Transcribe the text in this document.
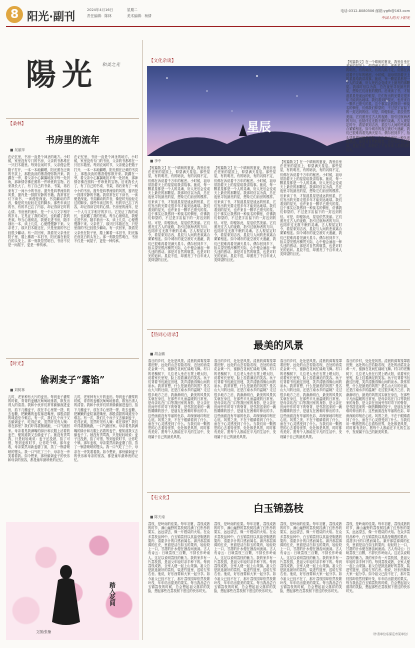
8 阳光·副刊	2024年4月16日
责任编辑：陈林
星期二
美术编辑：杨倩
电话:0312-8080506 邮箱:ygfk@163.com
中国人的天下阳光
陽光 和美之光
【桑林】
书房里的流年
■ 吴丽萍
在记忆里，书房一直是个神圣的地方。小时候，家里没有专门的书房，父亲的书都堆在一只旧木箱里。每到农闲时节，父亲便会把箱子打开，一本一本地翻晒，阳光照在泛黄的书页上，那股淡淡的墨香便弥散开来。我蹲在一旁，看父亲小心翼翼地抚平每一处折角，那神情仿佛在照料一件珍贵的宝物。后来我长大了，有了自己的书桌、书架，再后来有了一间小小的书房。窗外是四季流转的风景，窗内是一排排安静的书籍。我常常在灯下读书，一读便是深夜。书页翻动的声音，像是时光轻轻走过的脚步。那些年读过的书，有的早已忘了内容，却记得读它时的心情。书房里的流年，是一个人与文字相守的岁月。它见证了我的成长，也收藏了我的悲欢。每当心绪烦乱，我便走进书房，随手抽出一本，读上几页，心便慢慢静下来。父亲老了，那只旧木箱还在，只是里面的书已经很少翻动。有一次回家，我看见父亲坐在院子里，膝上摊着一本旧书，阳光落在他花白的头发上。那一刻我忽然明白，书房不仅是一间屋子，更是一种传承。
在记忆里，书房一直是个神圣的地方。小时候，家里没有专门的书房，父亲的书都堆在一只旧木箱里。每到农闲时节，父亲便会把箱子打开，一本一本地翻晒，阳光照在泛黄的书页上，那股淡淡的墨香便弥散开来。我蹲在一旁，看父亲小心翼翼地抚平每一处折角，那神情仿佛在照料一件珍贵的宝物。后来我长大了，有了自己的书桌、书架，再后来有了一间小小的书房。窗外是四季流转的风景，窗内是一排排安静的书籍。我常常在灯下读书，一读便是深夜。书页翻动的声音，像是时光轻轻走过的脚步。那些年读过的书，有的早已忘了内容，却记得读它时的心情。书房里的流年，是一个人与文字相守的岁月。它见证了我的成长，也收藏了我的悲欢。每当心绪烦乱，我便走进书房，随手抽出一本，读上几页，心便慢慢静下来。父亲老了，那只旧木箱还在，只是里面的书已经很少翻动。有一次回家，我看见父亲坐在院子里，膝上摊着一本旧书，阳光落在他花白的头发上。那一刻我忽然明白，书房不仅是一间屋子，更是一种传承。
【时光】
偷剥麦子“露馅”
■ 刘树林
儿时，老家种有大片的麦田。每到麦子灌浆的时候，青青的麦穗沉甸甸地垂着，散发出诱人的清香。我和小伙伴们常常偷偷溜进麦田，掐下几穗麦子，放在手心里搓一搓，吹去麦糠，把嫩嫩的麦粒塞进嘴里，那股清甜的味道至今难忘。有一次，我们几个孩子又去偷剥麦子，吃得正欢，忽然听见有人喊：谁在那里？我们吓得拔腿就跑，一口气跑回家。母亲看见我满嘴的绿汁和衣服上沾着的麦芒，便知道我又去偷麦子了。她没有责骂我，只是轻轻地说：麦子还没熟，掐了可惜，等到麦收时节，让你吃个够。那年麦收，母亲果然用新麦磨了面，蒸了一锅香喷喷的馒头。我一口气吃了三个，母亲在一旁笑着看我。如今想来，那份偷剥麦子的快乐和母亲的宽容，都是童年最珍贵的记忆。
儿时，老家种有大片的麦田。每到麦子灌浆的时候，青青的麦穗沉甸甸地垂着，散发出诱人的清香。我和小伙伴们常常偷偷溜进麦田，掐下几穗麦子，放在手心里搓一搓，吹去麦糠，把嫩嫩的麦粒塞进嘴里，那股清甜的味道至今难忘。有一次，我们几个孩子又去偷剥麦子，吃得正欢，忽然听见有人喊：谁在那里？我们吓得拔腿就跑，一口气跑回家。母亲看见我满嘴的绿汁和衣服上沾着的麦芒，便知道我又去偷麦子了。她没有责骂我，只是轻轻地说：麦子还没熟，掐了可惜，等到麦收时节，让你吃个够。那年麦收，母亲果然用新麦磨了面，蒸了一锅香喷喷的馒头。我一口气吃了三个，母亲在一旁笑着看我。如今想来，那份偷剥麦子的快乐和母亲的宽容，都是童年最珍贵的记忆。
踏入花间
文图/张楠
【文化杂谈】
星辰
■ 李中
【短篇散文】在一个晴朗的夏夜，我独自坐在老家的屋顶上，仰望满天星辰。那些星星，有的明亮，有的暗淡，有的闪烁不定，仿佛在诉说着千万年的秘密。小时候，祖母常指着天上的星星给我讲故事。她说，每一颗星星都是一个人的灵魂，好人死后会变成天上最亮的那颗星。我那时信以为真，总在夜里寻找最亮的星，想象它们前世的模样。后来读了书，才知道星星是遥远的恒星，它们发出的光要走很多年才能到达地球。我们看到的星光，也许来自一颗早已熄灭的星。这个事实让我感到一种莫名的惆怅，仿佛我们仰望的，不过是宇宙留下的一封迟到的信。可是，即便如此，星辰依然美丽。它们照亮过古人的夜路，指引过航海者的方向，也陪伴过无数不眠的灵魂。古人观星定时令，看星象知吉凶，星辰与人间的悲欢离合紧紧相连。如今城市的夜空被灯火遮蔽，我们已很难再看见满天星斗。偶尔回到乡下，抬头望见银河横贯天际，心中便会涌起一种久违的感动。那是对自然的敬畏，也是对时光的追问。星辰不语，却照亮了千百年来人类仰望的目光。
【短篇散文】在一个晴朗的夏夜，我独自坐在老家的屋顶上，仰望满天星辰。那些星星，有的明亮，有的暗淡，有的闪烁不定，仿佛在诉说着千万年的秘密。小时候，祖母常指着天上的星星给我讲故事。她说，每一颗星星都是一个人的灵魂，好人死后会变成天上最亮的那颗星。我那时信以为真，总在夜里寻找最亮的星，想象它们前世的模样。后来读了书，才知道星星是遥远的恒星，它们发出的光要走很多年才能到达地球。我们看到的星光，也许来自一颗早已熄灭的星。这个事实让我感到一种莫名的惆怅，仿佛我们仰望的，不过是宇宙留下的一封迟到的信。可是，即便如此，星辰依然美丽。它们照亮过古人的夜路，指引过航海者的方向，也陪伴过无数不眠的灵魂。古人观星定时令，看星象知吉凶，星辰与人间的悲欢离合紧紧相连。如今城市的夜空被灯火遮蔽，我们已很难再看见满天星斗。偶尔回到乡下，抬头望见银河横贯天际，心中便会涌起一种久违的感动。那是对自然的敬畏，也是对时光的追问。星辰不语，却照亮了千百年来人类仰望的目光。
【短篇散文】在一个晴朗的夏夜，我独自坐在老家的屋顶上，仰望满天星辰。那些星星，有的明亮，有的暗淡，有的闪烁不定，仿佛在诉说着千万年的秘密。小时候，祖母常指着天上的星星给我讲故事。她说，每一颗星星都是一个人的灵魂，好人死后会变成天上最亮的那颗星。我那时信以为真，总在夜里寻找最亮的星，想象它们前世的模样。后来读了书，才知道星星是遥远的恒星，它们发出的光要走很多年才能到达地球。我们看到的星光，也许来自一颗早已熄灭的星。这个事实让我感到一种莫名的惆怅，仿佛我们仰望的，不过是宇宙留下的一封迟到的信。可是，即便如此，星辰依然美丽。它们照亮过古人的夜路，指引过航海者的方向，也陪伴过无数不眠的灵魂。古人观星定时令，看星象知吉凶，星辰与人间的悲欢离合紧紧相连。如今城市的夜空被灯火遮蔽，我们已很难再看见满天星斗。偶尔回到乡下，抬头望见银河横贯天际，心中便会涌起一种久违的感动。那是对自然的敬畏，也是对时光的追问。星辰不语，却照亮了千百年来人类仰望的目光。
【短篇散文】在一个晴朗的夏夜，我独自坐在老家的屋顶上，仰望满天星辰。那些星星，有的明亮，有的暗淡，有的闪烁不定，仿佛在诉说着千万年的秘密。小时候，祖母常指着天上的星星给我讲故事。她说，每一颗星星都是一个人的灵魂，好人死后会变成天上最亮的那颗星。我那时信以为真，总在夜里寻找最亮的星，想象它们前世的模样。后来读了书，才知道星星是遥远的恒星，它们发出的光要走很多年才能到达地球。我们看到的星光，也许来自一颗早已熄灭的星。这个事实让我感到一种莫名的惆怅，仿佛我们仰望的，不过是宇宙留下的一封迟到的信。可是，即便如此，星辰依然美丽。它们照亮过古人的夜路，指引过航海者的方向，也陪伴过无数不眠的灵魂。古人观星定时令，看星象知吉凶，星辰与人间的悲欢离合紧紧相连。如今城市的夜空被灯火遮蔽，我们已很难再看见满天星斗。偶尔回到乡下，抬头望见银河横贯天际，心中便会涌起一种久违的感动。那是对自然的敬畏，也是对时光的追问。星辰不语，却照亮了千百年来人类仰望的目光。
【热词心语录】
最美的风景
■ 胡金鹏
春日的乡村，处处是风景。清晨的薄雾笼罩着田野，远处的山峦若隐若现，近处的油菜花金黄一片，蜜蜂在花间忙碌地飞舞。村口的老槐树下，几位老人坐在石凳上晒太阳，说着家长里短，脸上挂着满足的笑容。孩子们背着书包跑过田埂，笑声清脆得像山间的泉水。我常常想，什么是最美的风景？是名山大川的壮丽，还是江南水乡的温婉？走过很多地方之后，我渐渐明白，最美的风景其实就在身边，在那些平凡而温暖的日常里。是母亲站在门口等我回家的身影，是父亲在田间劳作时弯下的脊背，是邻居送来的一碗热腾腾的饺子，是朋友在困难时伸出的手。这些画面没有华丽的色彩，却深深地印刻在心底。风景之美，不在于眼睛看到了什么，而在于心灵感受到了什么。当我们用一颗感恩的心去看待世界，处处都是风景，时时都有美好。愿每个人都能在平凡的生活中，发现属于自己的最美风景。
春日的乡村，处处是风景。清晨的薄雾笼罩着田野，远处的山峦若隐若现，近处的油菜花金黄一片，蜜蜂在花间忙碌地飞舞。村口的老槐树下，几位老人坐在石凳上晒太阳，说着家长里短，脸上挂着满足的笑容。孩子们背着书包跑过田埂，笑声清脆得像山间的泉水。我常常想，什么是最美的风景？是名山大川的壮丽，还是江南水乡的温婉？走过很多地方之后，我渐渐明白，最美的风景其实就在身边，在那些平凡而温暖的日常里。是母亲站在门口等我回家的身影，是父亲在田间劳作时弯下的脊背，是邻居送来的一碗热腾腾的饺子，是朋友在困难时伸出的手。这些画面没有华丽的色彩，却深深地印刻在心底。风景之美，不在于眼睛看到了什么，而在于心灵感受到了什么。当我们用一颗感恩的心去看待世界，处处都是风景，时时都有美好。愿每个人都能在平凡的生活中，发现属于自己的最美风景。
春日的乡村，处处是风景。清晨的薄雾笼罩着田野，远处的山峦若隐若现，近处的油菜花金黄一片，蜜蜂在花间忙碌地飞舞。村口的老槐树下，几位老人坐在石凳上晒太阳，说着家长里短，脸上挂着满足的笑容。孩子们背着书包跑过田埂，笑声清脆得像山间的泉水。我常常想，什么是最美的风景？是名山大川的壮丽，还是江南水乡的温婉？走过很多地方之后，我渐渐明白，最美的风景其实就在身边，在那些平凡而温暖的日常里。是母亲站在门口等我回家的身影，是父亲在田间劳作时弯下的脊背，是邻居送来的一碗热腾腾的饺子，是朋友在困难时伸出的手。这些画面没有华丽的色彩，却深深地印刻在心底。风景之美，不在于眼睛看到了什么，而在于心灵感受到了什么。当我们用一颗感恩的心去看待世界，处处都是风景，时时都有美好。愿每个人都能在平凡的生活中，发现属于自己的最美风景。
春日的乡村，处处是风景。清晨的薄雾笼罩着田野，远处的山峦若隐若现，近处的油菜花金黄一片，蜜蜂在花间忙碌地飞舞。村口的老槐树下，几位老人坐在石凳上晒太阳，说着家长里短，脸上挂着满足的笑容。孩子们背着书包跑过田埂，笑声清脆得像山间的泉水。我常常想，什么是最美的风景？是名山大川的壮丽，还是江南水乡的温婉？走过很多地方之后，我渐渐明白，最美的风景其实就在身边，在那些平凡而温暖的日常里。是母亲站在门口等我回家的身影，是父亲在田间劳作时弯下的脊背，是邻居送来的一碗热腾腾的饺子，是朋友在困难时伸出的手。这些画面没有华丽的色彩，却深深地印刻在心底。风景之美，不在于眼睛看到了什么，而在于心灵感受到了什么。当我们用一颗感恩的心去看待世界，处处都是风景，时时都有美好。愿每个人都能在平凡的生活中，发现属于自己的最美风景。
【屯文化】
白玉锦荔枝
■ 陈天南
荔枝，是岭南的佳果。每年初夏，荔枝成熟的时节，满山遍野的荔枝树挂满了红彤彤的果实，远远望去，像一片燃烧的火焰。在众多荔枝品种中，白玉锦荔枝以其晶莹剔透的果肉、清甜多汁的口感而闻名。剥开那层薄薄的红壳，里面是洁白如玉的果肉，轻轻咬上一口，甘甜的汁水便在唇齿间流淌。古人有诗云：日啖荔枝三百颗，不辞长作岭南人。这足以说明荔枝的魅力。我的家乡有一片荔枝园，是祖父年轻时亲手种下的。每到荔枝成熟，全家人便一起上山采摘。祖父总是挑选最好的荔枝，装进竹篮里，送给左邻右舍。他说，好东西要和大家一起分享。如今祖父已经不在了，那片荔枝园却依然枝繁叶茂，年年结出甜美的果实。每当我品尝白玉锦荔枝的时候，总会想起祖父慈祥的笑脸，想起那些在荔枝树下度过的快乐时光。
荔枝，是岭南的佳果。每年初夏，荔枝成熟的时节，满山遍野的荔枝树挂满了红彤彤的果实，远远望去，像一片燃烧的火焰。在众多荔枝品种中，白玉锦荔枝以其晶莹剔透的果肉、清甜多汁的口感而闻名。剥开那层薄薄的红壳，里面是洁白如玉的果肉，轻轻咬上一口，甘甜的汁水便在唇齿间流淌。古人有诗云：日啖荔枝三百颗，不辞长作岭南人。这足以说明荔枝的魅力。我的家乡有一片荔枝园，是祖父年轻时亲手种下的。每到荔枝成熟，全家人便一起上山采摘。祖父总是挑选最好的荔枝，装进竹篮里，送给左邻右舍。他说，好东西要和大家一起分享。如今祖父已经不在了，那片荔枝园却依然枝繁叶茂，年年结出甜美的果实。每当我品尝白玉锦荔枝的时候，总会想起祖父慈祥的笑脸，想起那些在荔枝树下度过的快乐时光。
荔枝，是岭南的佳果。每年初夏，荔枝成熟的时节，满山遍野的荔枝树挂满了红彤彤的果实，远远望去，像一片燃烧的火焰。在众多荔枝品种中，白玉锦荔枝以其晶莹剔透的果肉、清甜多汁的口感而闻名。剥开那层薄薄的红壳，里面是洁白如玉的果肉，轻轻咬上一口，甘甜的汁水便在唇齿间流淌。古人有诗云：日啖荔枝三百颗，不辞长作岭南人。这足以说明荔枝的魅力。我的家乡有一片荔枝园，是祖父年轻时亲手种下的。每到荔枝成熟，全家人便一起上山采摘。祖父总是挑选最好的荔枝，装进竹篮里，送给左邻右舍。他说，好东西要和大家一起分享。如今祖父已经不在了，那片荔枝园却依然枝繁叶茂，年年结出甜美的果实。每当我品尝白玉锦荔枝的时候，总会想起祖父慈祥的笑脸，想起那些在荔枝树下度过的快乐时光。
荔枝，是岭南的佳果。每年初夏，荔枝成熟的时节，满山遍野的荔枝树挂满了红彤彤的果实，远远望去，像一片燃烧的火焰。在众多荔枝品种中，白玉锦荔枝以其晶莹剔透的果肉、清甜多汁的口感而闻名。剥开那层薄薄的红壳，里面是洁白如玉的果肉，轻轻咬上一口，甘甜的汁水便在唇齿间流淌。古人有诗云：日啖荔枝三百颗，不辞长作岭南人。这足以说明荔枝的魅力。我的家乡有一片荔枝园，是祖父年轻时亲手种下的。每到荔枝成熟，全家人便一起上山采摘。祖父总是挑选最好的荔枝，装进竹篮里，送给左邻右舍。他说，好东西要和大家一起分享。如今祖父已经不在了，那片荔枝园却依然枝繁叶茂，年年结出甜美的果实。每当我品尝白玉锦荔枝的时候，总会想起祖父慈祥的笑脸，想起那些在荔枝树下度过的快乐时光。
（作者单位系保定市某单位）
